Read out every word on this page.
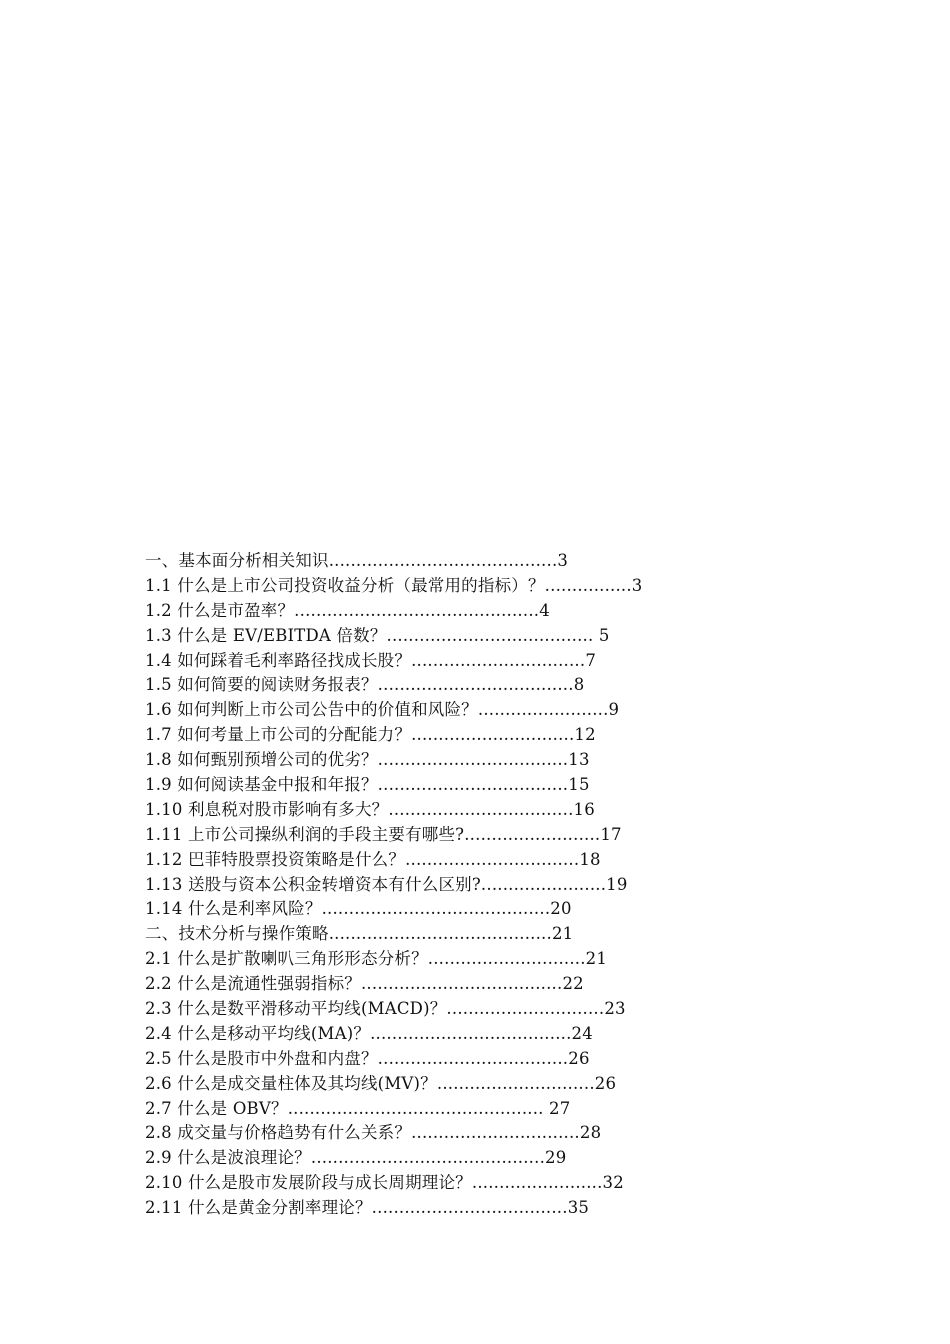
一、基本面分析相关知识..........................................3
1.1 什么是上市公司投资收益分析（最常用的指标）？................3
1.2 什么是市盈率？.............................................4
1.3 什么是 EV/EBITDA 倍数？...................................... 5
1.4 如何踩着毛利率路径找成长股？................................7
1.5 如何简要的阅读财务报表？....................................8
1.6 如何判断上市公司公告中的价值和风险？........................9
1.7 如何考量上市公司的分配能力？..............................12
1.8 如何甄别预增公司的优劣？...................................13
1.9 如何阅读基金中报和年报？...................................15
1.10 利息税对股市影响有多大？..................................16
1.11 上市公司操纵利润的手段主要有哪些?.........................17
1.12 巴菲特股票投资策略是什么？................................18
1.13 送股与资本公积金转增资本有什么区别?.......................19
1.14 什么是利率风险？..........................................20
二、技术分析与操作策略.........................................21
2.1 什么是扩散喇叭三角形形态分析？.............................21
2.2 什么是流通性强弱指标？.....................................22
2.3 什么是数平滑移动平均线(MACD)？.............................23
2.4 什么是移动平均线(MA)？.....................................24
2.5 什么是股市中外盘和内盘？...................................26
2.6 什么是成交量柱体及其均线(MV)？.............................26
2.7 什么是 OBV？............................................... 27
2.8 成交量与价格趋势有什么关系？...............................28
2.9 什么是波浪理论？...........................................29
2.10 什么是股市发展阶段与成长周期理论？........................32
2.11 什么是黄金分割率理论？....................................35
